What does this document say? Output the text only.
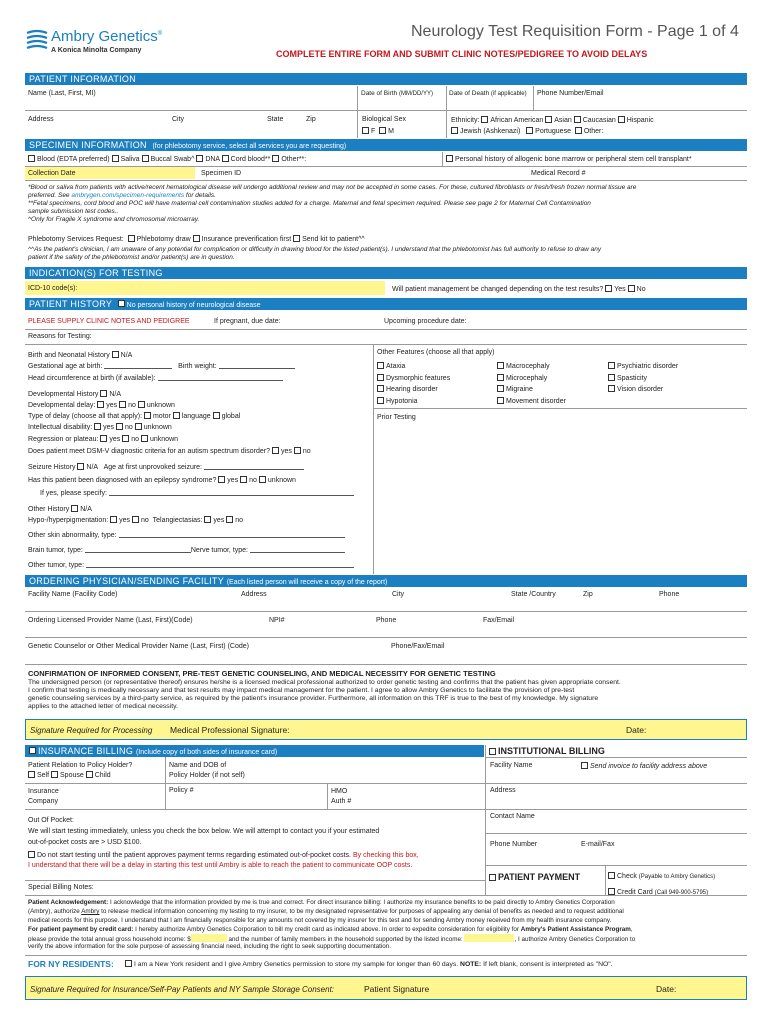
Ambry Genetics®
A Konica Minolta Company
Neurology Test Requisition Form - Page 1 of 4
COMPLETE ENTIRE FORM AND SUBMIT CLINIC NOTES/PEDIGREE TO AVOID DELAYS
PATIENT INFORMATION
Name (Last, First, MI)	Date of Birth (MM/DD/YY) Date of Death (if applicable) Phone Number/Email
Address	City	State	Zip	Biological Sex
F M
Ethnicity: African American Asian Caucasian Hispanic
Jewish (Ashkenazi) Portuguese Other:
SPECIMEN INFORMATION (for phlebotomy service, select all services you are requesting)
Blood (EDTA preferred) Saliva Buccal Swab^ DNA Cord blood** Other**:	Personal history of allogenic bone marrow or peripheral stem cell transplant*
Collection Date	Specimen ID	Medical Record #
*Blood or saliva from patients with active/recent hematological disease will undergo additional review and may not be accepted in some cases. For these, cultured fibroblasts or fresh/fresh frozen normal tissue are
preferred. See ambrygen.com/specimen-requirements for details.
**Fetal specimens, cord blood and POC will have maternal cell contamination studies added for a charge. Maternal and fetal specimen required. Please see page 2 for Maternal Cell Contamination
sample submission test codes..
^Only for Fragile X syndrome and chromosomal microarray.
Phlebotomy Services Request: Phlebotomy draw Insurance preverification first Send kit to patient^^
^^As the patient's clinician, I am unaware of any potential for complication or difficulty in drawing blood for the listed patient(s). I understand that the phlebotomist has full authority to refuse to draw any
patient if the safety of the phlebotomist and/or patient(s) are in question.
INDICATION(S) FOR TESTING
ICD-10 code(s):	Will patient management be changed depending on the test results? Yes No
PATIENT HISTORY No personal history of neurological disease
PLEASE SUPPLY CLINIC NOTES AND PEDIGREE	If pregnant, due date:	Upcoming procedure date:
Reasons for Testing:
Birth and Neonatal History N/A
Gestational age at birth:	Birth weight:
Head circumference at birth (if available):
Developmental History N/A
Developmental delay: yes no unknown
Type of delay (choose all that apply): motor language global
Intellectual disability: yes no unknown
Regression or plateau: yes no unknown
Does patient meet DSM-V diagnostic criteria for an autism spectrum disorder? yes no
Seizure History N/A Age at first unprovoked seizure:
Has this patient been diagnosed with an epilepsy syndrome? yes no unknown
If yes, please specify:
Other History N/A
Hypo-/hyperpigmentation: yes no Telangiectasias: yes no
Other skin abnormality, type:
Brain tumor, type:	Nerve tumor, type:
Other tumor, type:
Other Features (choose all that apply)
Ataxia
Dysmorphic features
Hearing disorder
Hypotonia
Macrocephaly
Microcephaly
Migraine
Movement disorder
Psychiatric disorder
Spasticity
Vision disorder
Prior Testing
ORDERING PHYSICIAN/SENDING FACILITY (Each listed person will receive a copy of the report)
Facility Name (Facility Code)	Address	City	State /Country	Zip	Phone
Ordering Licensed Provider Name (Last, First)(Code)	NPI#	Phone	Fax/Email
Genetic Counselor or Other Medical Provider Name (Last, First) (Code)	Phone/Fax/Email
CONFIRMATION OF INFORMED CONSENT, PRE-TEST GENETIC COUNSELING, AND MEDICAL NECESSITY FOR GENETIC TESTING
The undersigned person (or representative thereof) ensures he/she is a licensed medical professional authorized to order genetic testing and confirms that the patient has given appropriate consent.
I confirm that testing is medically necessary and that test results may impact medical management for the patient. I agree to allow Ambry Genetics to facilitate the provision of pre-test
genetic counseling services by a third-party service, as required by the patient's insurance provider. Furthermore, all information on this TRF is true to the best of my knowledge. My signature
applies to the attached letter of medical necessity.
Signature Required for Processing Medical Professional Signature:	Date:
INSURANCE BILLING (Include copy of both sides of insurance card)
Patient Relation to Policy Holder?
Self Spouse Child
Name and DOB of
Policy Holder (if not self)
Insurance
Company
Policy #	HMO
Auth #
Out Of Pocket:
We will start testing immediately, unless you check the box below. We will attempt to contact you if your estimated
out-of-pocket costs are > USD $100.
Do not start testing until the patient approves payment terms regarding estimated out-of-pocket costs. By checking this box,
I understand that there will be a delay in starting this test until Ambry is able to reach the patient to communicate OOP costs.
Special Billing Notes:
INSTITUTIONAL BILLING
Facility Name	Send invoice to facility address above
Address
Contact Name
Phone Number	E-mail/Fax
PATIENT PAYMENT	Check (Payable to Ambry Genetics)
Credit Card (Call 949-900-5795)
Patient Acknowledgement: I acknowledge that the information provided by me is true and correct. For direct insurance billing: I authorize my insurance benefits to be paid directly to Ambry Genetics Corporation
(Ambry), authorize Ambry to release medical information concerning my testing to my insurer, to be my designated representative for purposes of appealing any denial of benefits as needed and to request additional
medical records for this purpose. I understand that I am financially responsible for any amounts not covered by my insurer for this test and for sending Ambry money received from my health insurance company.
For patient payment by credit card: I hereby authorize Ambry Genetics Corporation to bill my credit card as indicated above. In order to expedite consideration for eligibility for Ambry's Patient Assistance Program,
please provide the total annual gross household income: $	and the number of family members in the household supported by the listed income:	, I authorize Ambry Genetics Corporation to
verify the above information for the sole purpose of assessing financial need, including the right to seek supporting documentation.
FOR NY RESIDENTS:	I am a New York resident and I give Ambry Genetics permission to store my sample for longer than 60 days. NOTE: If left blank, consent is interpreted as "NO".
Signature Required for Insurance/Self-Pay Patients and NY Sample Storage Consent:	Patient Signature	Date:
